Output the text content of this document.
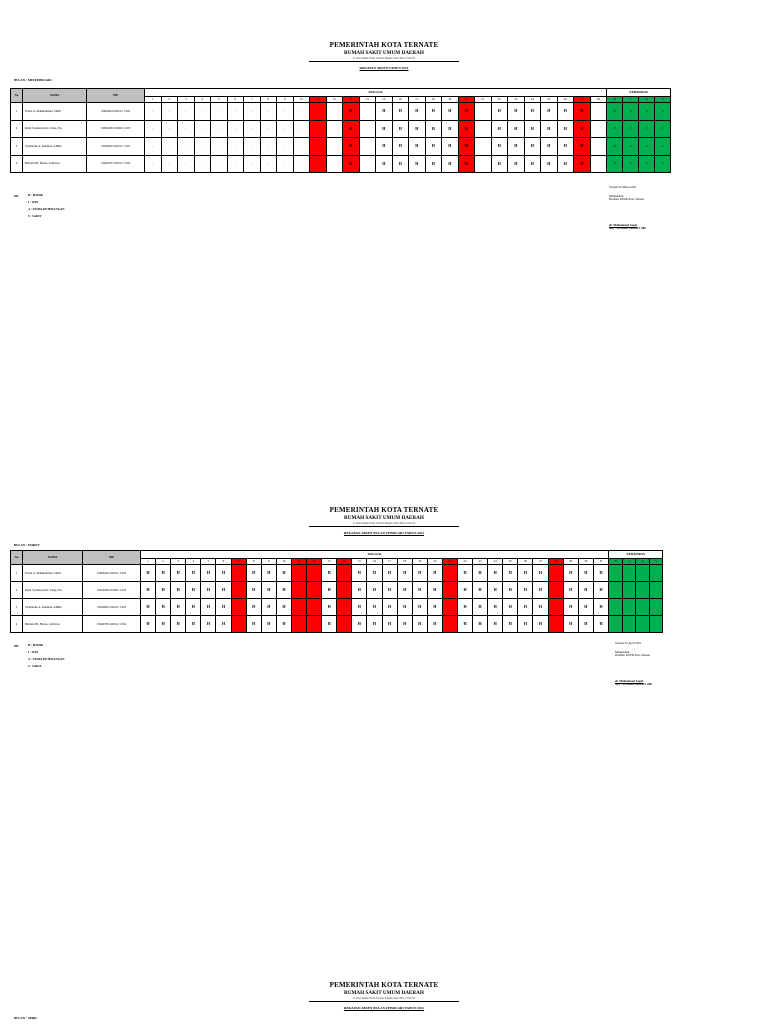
PEMERINTAH KOTA TERNATE
RUMAH SAKIT UMUM DAERAH
Jl. Jend. Ahmad Yani, Ternate Tengah (Telp. 0921) 3121015
REKAPAN ABSEN TAHUN 2021
BULAN : MEI/FEBRUARI
No	NAMA	NIP	TANGGAL																												KEHADIRAN			
			1	2	3	4	5	6	7	8	9	10	11	12	13	14	15	16	17	18	19	20	21	22	23	24	25	26	27	28	H	I	A	S
1	Faisal A. Mahmudmud, SKM	19900424 202012 1 002	-	-	-	-	-	-	-	-	-	-	-		H		H	H	H	H	H	H		H	H	H	H	H	H		13	0	0	0
2	Rizal Syamsuryadi, S.Kep, Ns.	19920206 201902 1 003	-	-	-	-	-	-	-	-	-	-	-		H		H	H	H	H	H	H		H	H	H	H	H	H		13	0	0	0
3	Syahbudin A. Rahman, AMKL	19930605 202012 1 001	-	-	-	-	-	-	-	-	-	-	-		H		H	H	H	H	H	H		H	H	H	H	H	H		13	0	0	0
4	Bahrain Hi. Hasan, A.Md.Gz	19940705 202012 1 004	-	-	-	-	-	-	-	-	-	-	-		H		H	H	H	H	H	H		H	H	H	H	H	H		13	0	0	0
NB	H : HADIR
I : IZIN
A : TANPA KETERANGAN
S : SAKIT
Ternate 02 Maret 2021
Mengetahui
Direktur RSUD Kota Ternate
dr. Muhammad Sagaf
NIP : 19790607 200430 1 008
PEMERINTAH KOTA TERNATE
RUMAH SAKIT UMUM DAERAH
Jl. Jend. Ahmad Yani, Ternate Tengah (Telp. 0921) 3121015
REKAPAN ABSEN BULAN FEBRUARI TAHUN 2021
BULAN : MARET
No	NAMA	NIP	TANGGAL																															KEHADIRAN			
			1	2	3	4	5	6	7	8	9	10	11	12	13	14	15	16	17	18	19	20	21	22	23	24	25	26	27	28	29	30	31	H	I	A	S
1	Faisal A. Mahmudmud, SKM	19900424 202012 1 002	H	H	H	H	H	H		H	H	H			H		H	H	H	H	H	H		H	H	H	H	H	H		H	H	H				
2	Rizal Syamsuryadi, S.Kep, Ns.	19920206 201902 1 003	H	H	H	H	H	H		H	H	H			H		H	H	H	H	H	H		H	H	H	H	H	H		H	H	H				
3	Syahbudin A. Rahman, AMKL	19930605 202012 1 001	H	H	H	H	H	H		H	H	H			H		H	H	H	H	H	H		H	H	H	H	H	H		H	H	H				
4	Bahrain Hi. Hasan, A.Md.Gz	19940705 202012 1 004	H	H	H	H	H	H		H	H	H			H		H	H	H	H	H	H		H	H	H	H	H	H		H	H	H				
NB	H : HADIR
I : IZIN
A : TANPA KETERANGAN
S : SAKIT
Ternate 01 April 2021
Mengetahui
Direktur RSUD Kota Ternate
dr. Muhammad Sagaf
NIP : 19790607 200430 1 008
PEMERINTAH KOTA TERNATE
RUMAH SAKIT UMUM DAERAH
Jl. Jend. Ahmad Yani, Ternate Tengah (Telp. 0921) 3121015
REKAPAN ABSEN BULAN FEBRUARI TAHUN 2021
BULAN : APRIL
